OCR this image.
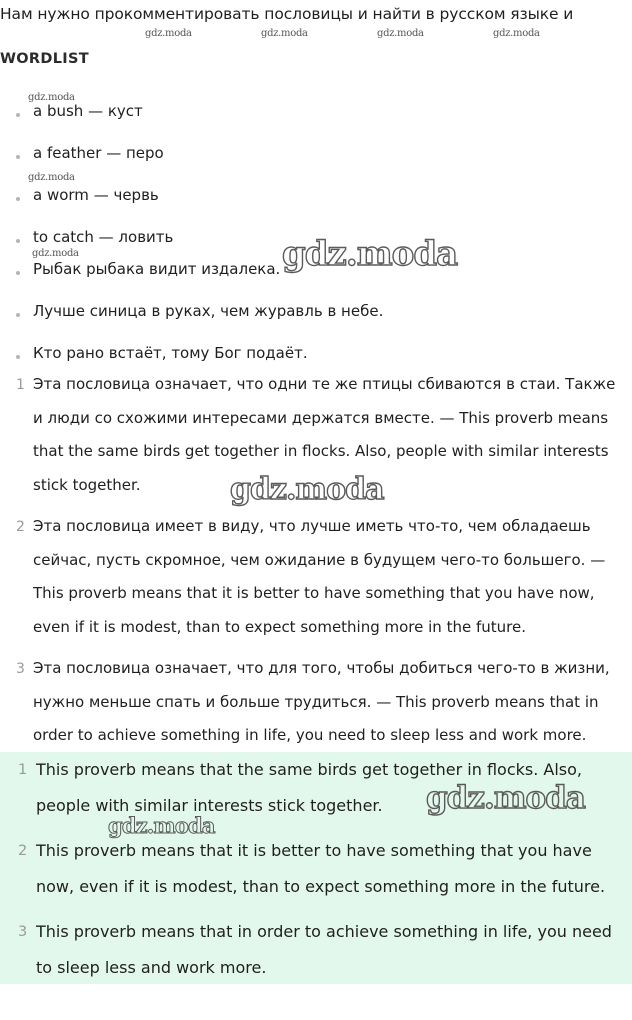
Нам нужно прокомментировать пословицы и найти в русском языке и
gdz.moda	gdz.moda	gdz.moda	gdz.moda
WORDLIST
gdz.moda
a bush — куст
a feather — перо
gdz.moda
a worm — червь
to catch — ловить
gdz.moda
Рыбак рыбака видит издалека. gdz.moda
Лучше синица в руках, чем журавль в небе.
Кто рано встаёт, тому Бог подаёт.
1 Эта пословица означает, что одни те же птицы сбиваются в стаи. Также и люди со схожими интересами держатся вместе. — This proverb means that the same birds get together in flocks. Also, people with similar interests stick together.	gdz.moda
2 Эта пословица имеет в виду, что лучше иметь что-то, чем обладаешь сейчас, пусть скромное, чем ожидание в будущем чего-то большего. — This proverb means that it is better to have something that you have now, even if it is modest, than to expect something more in the future.
3 Эта пословица означает, что для того, чтобы добиться чего-то в жизни, нужно меньше спать и больше трудиться. — This proverb means that in order to achieve something in life, you need to sleep less and work more.
1 This proverb means that the same birds get together in flocks. Also, people with similar interests stick together.	gdz.moda
gdz.moda
2 This proverb means that it is better to have something that you have now, even if it is modest, than to expect something more in the future.
3 This proverb means that in order to achieve something in life, you need to sleep less and work more.
